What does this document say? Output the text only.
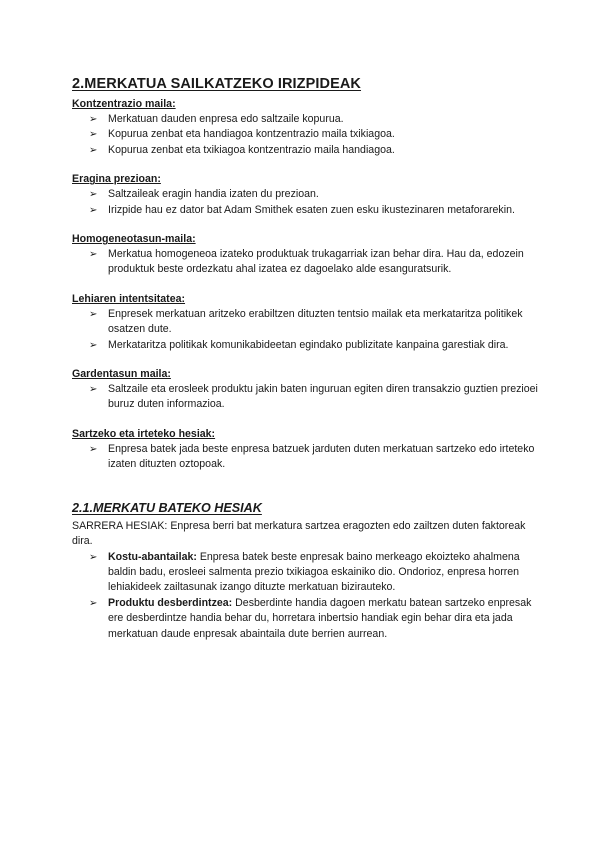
2.MERKATUA SAILKATZEKO IRIZPIDEAK
Kontzentrazio maila:
➢ Merkatuan dauden enpresa edo saltzaile kopurua.
➢ Kopurua zenbat eta handiagoa kontzentrazio maila txikiagoa.
➢ Kopurua zenbat eta txikiagoa kontzentrazio maila handiagoa.
Eragina prezioan:
➢ Saltzaileak eragin handia izaten du prezioan.
➢ Irizpide hau ez dator bat Adam Smithek esaten zuen esku ikustezinaren metaforarekin.
Homogeneotasun-maila:
➢ Merkatua homogeneoa izateko produktuak trukagarriak izan behar dira. Hau da, edozein produktuk beste ordezkatu ahal izatea ez dagoelako alde esanguratsurik.
Lehiaren intentsitatea:
➢ Enpresek merkatuan aritzeko erabiltzen dituzten tentsio mailak eta merkataritza politikek osatzen dute.
➢ Merkataritza politikak komunikabideetan egindako publizitate kanpaina garestiak dira.
Gardentasun maila:
➢ Saltzaile eta erosleek produktu jakin baten inguruan egiten diren transakzio guztien prezioei buruz duten informazioa.
Sartzeko eta irteteko hesiak:
➢ Enpresa batek jada beste enpresa batzuek jarduten duten merkatuan sartzeko edo irteteko izaten dituzten oztopoak.
2.1.MERKATU BATEKO HESIAK
SARRERA HESIAK: Enpresa berri bat merkatura sartzea eragozten edo zailtzen duten faktoreak dira.
➢ Kostu-abantailak: Enpresa batek beste enpresak baino merkeago ekoizteko ahalmena baldin badu, erosleei salmenta prezio txikiagoa eskainiko dio. Ondorioz, enpresa horren lehiakideek zailtasunak izango dituzte merkatuan bizirauteko.
➢ Produktu desberdintzea: Desberdinte handia dagoen merkatu batean sartzeko enpresak ere desberdintze handia behar du, horretara inbertsio handiak egin behar dira eta jada merkatuan daude enpresak abaintaila dute berrien aurrean.
